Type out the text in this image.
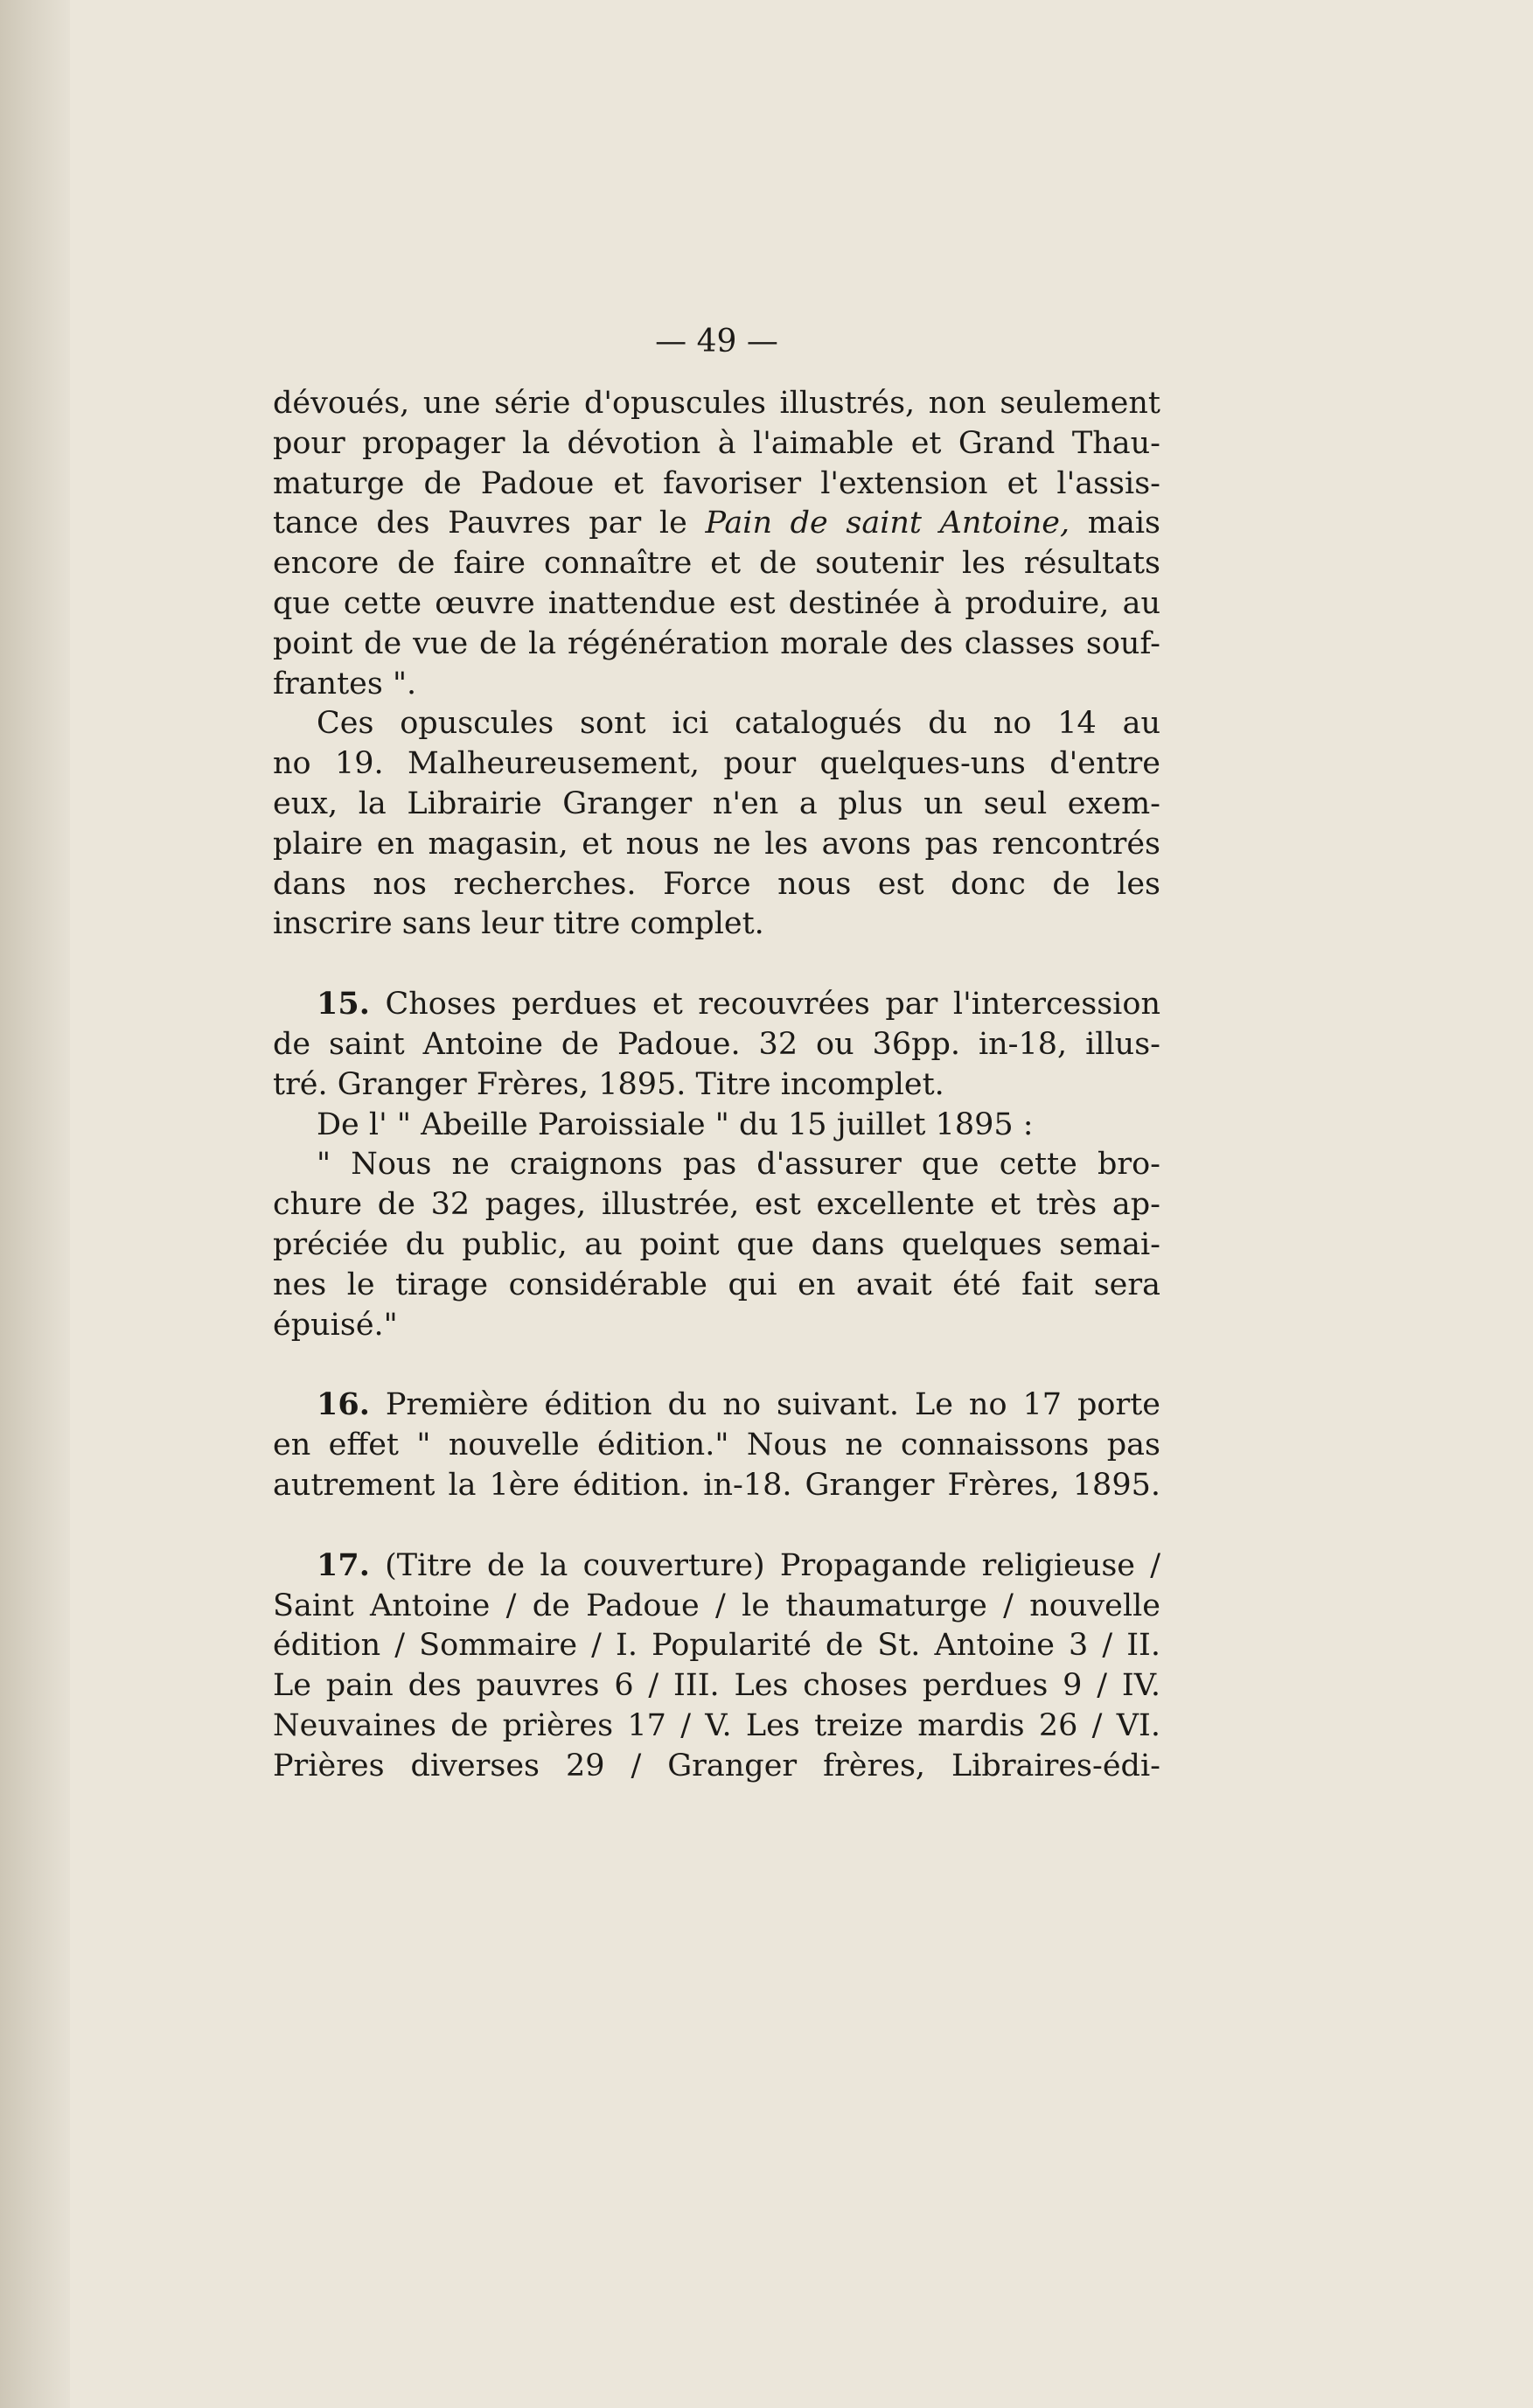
— 49 —
dévoués, une série d'opuscules illustrés, non seulement
pour propager la dévotion à l'aimable et Grand Thau-
maturge de Padoue et favoriser l'extension et l'assis-
tance des Pauvres par le Pain de saint Antoine, mais
encore de faire connaître et de soutenir les résultats
que cette œuvre inattendue est destinée à produire, au
point de vue de la régénération morale des classes souf-
frantes ".
Ces opuscules sont ici catalogués du no 14 au
no 19. Malheureusement, pour quelques-uns d'entre
eux, la Librairie Granger n'en a plus un seul exem-
plaire en magasin, et nous ne les avons pas rencontrés
dans nos recherches. Force nous est donc de les
inscrire sans leur titre complet.
15. Choses perdues et recouvrées par l'intercession
de saint Antoine de Padoue. 32 ou 36pp. in-18, illus-
tré. Granger Frères, 1895. Titre incomplet.
De l' " Abeille Paroissiale " du 15 juillet 1895 :
" Nous ne craignons pas d'assurer que cette bro-
chure de 32 pages, illustrée, est excellente et très ap-
préciée du public, au point que dans quelques semai-
nes le tirage considérable qui en avait été fait sera
épuisé."
16. Première édition du no suivant. Le no 17 porte
en effet " nouvelle édition." Nous ne connaissons pas
autrement la 1ère édition. in-18. Granger Frères, 1895.
17. (Titre de la couverture) Propagande religieuse /
Saint Antoine / de Padoue / le thaumaturge / nouvelle
édition / Sommaire / I. Popularité de St. Antoine 3 / II.
Le pain des pauvres 6 / III. Les choses perdues 9 / IV.
Neuvaines de prières 17 / V. Les treize mardis 26 / VI.
Prières diverses 29 / Granger frères, Libraires-édi-
